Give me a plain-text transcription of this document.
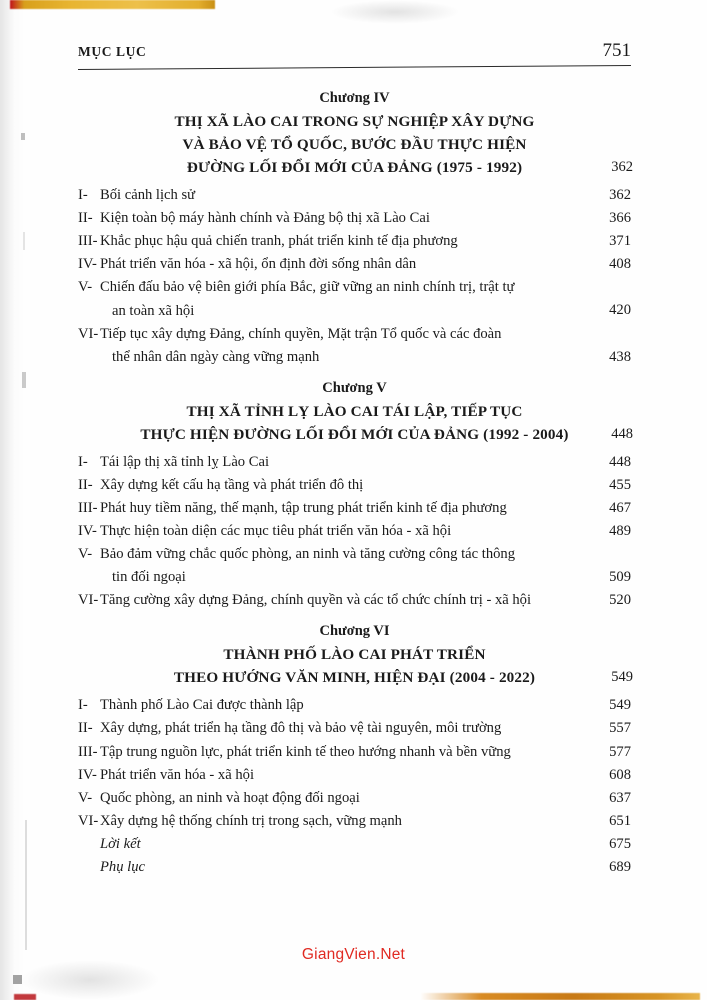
MỤC LỤC	751
Chương IV
THỊ XÃ LÀO CAI TRONG SỰ NGHIỆP XÂY DỰNG
VÀ BẢO VỆ TỔ QUỐC, BƯỚC ĐẦU THỰC HIỆN
ĐƯỜNG LỐI ĐỔI MỚI CỦA ĐẢNG (1975 - 1992)	362
I- Bối cảnh lịch sử	362
II- Kiện toàn bộ máy hành chính và Đảng bộ thị xã Lào Cai	366
III- Khắc phục hậu quả chiến tranh, phát triển kinh tế địa phương	371
IV- Phát triển văn hóa - xã hội, ổn định đời sống nhân dân	408
V- Chiến đấu bảo vệ biên giới phía Bắc, giữ vững an ninh chính trị, trật tự
an toàn xã hội	420
VI- Tiếp tục xây dựng Đảng, chính quyền, Mặt trận Tổ quốc và các đoàn
thể nhân dân ngày càng vững mạnh	438
Chương V
THỊ XÃ TỈNH LỴ LÀO CAI TÁI LẬP, TIẾP TỤC
THỰC HIỆN ĐƯỜNG LỐI ĐỔI MỚI CỦA ĐẢNG (1992 - 2004)	448
I- Tái lập thị xã tỉnh lỵ Lào Cai	448
II- Xây dựng kết cấu hạ tầng và phát triển đô thị	455
III- Phát huy tiềm năng, thế mạnh, tập trung phát triển kinh tế địa phương	467
IV- Thực hiện toàn diện các mục tiêu phát triển văn hóa - xã hội	489
V- Bảo đảm vững chắc quốc phòng, an ninh và tăng cường công tác thông
tin đối ngoại	509
VI- Tăng cường xây dựng Đảng, chính quyền và các tổ chức chính trị - xã hội	520
Chương VI
THÀNH PHỐ LÀO CAI PHÁT TRIỂN
THEO HƯỚNG VĂN MINH, HIỆN ĐẠI (2004 - 2022)	549
I- Thành phố Lào Cai được thành lập	549
II- Xây dựng, phát triển hạ tầng đô thị và bảo vệ tài nguyên, môi trường	557
III- Tập trung nguồn lực, phát triển kinh tế theo hướng nhanh và bền vững	577
IV- Phát triển văn hóa - xã hội	608
V- Quốc phòng, an ninh và hoạt động đối ngoại	637
VI- Xây dựng hệ thống chính trị trong sạch, vững mạnh	651
Lời kết	675
Phụ lục	689
GiangVien.Net
